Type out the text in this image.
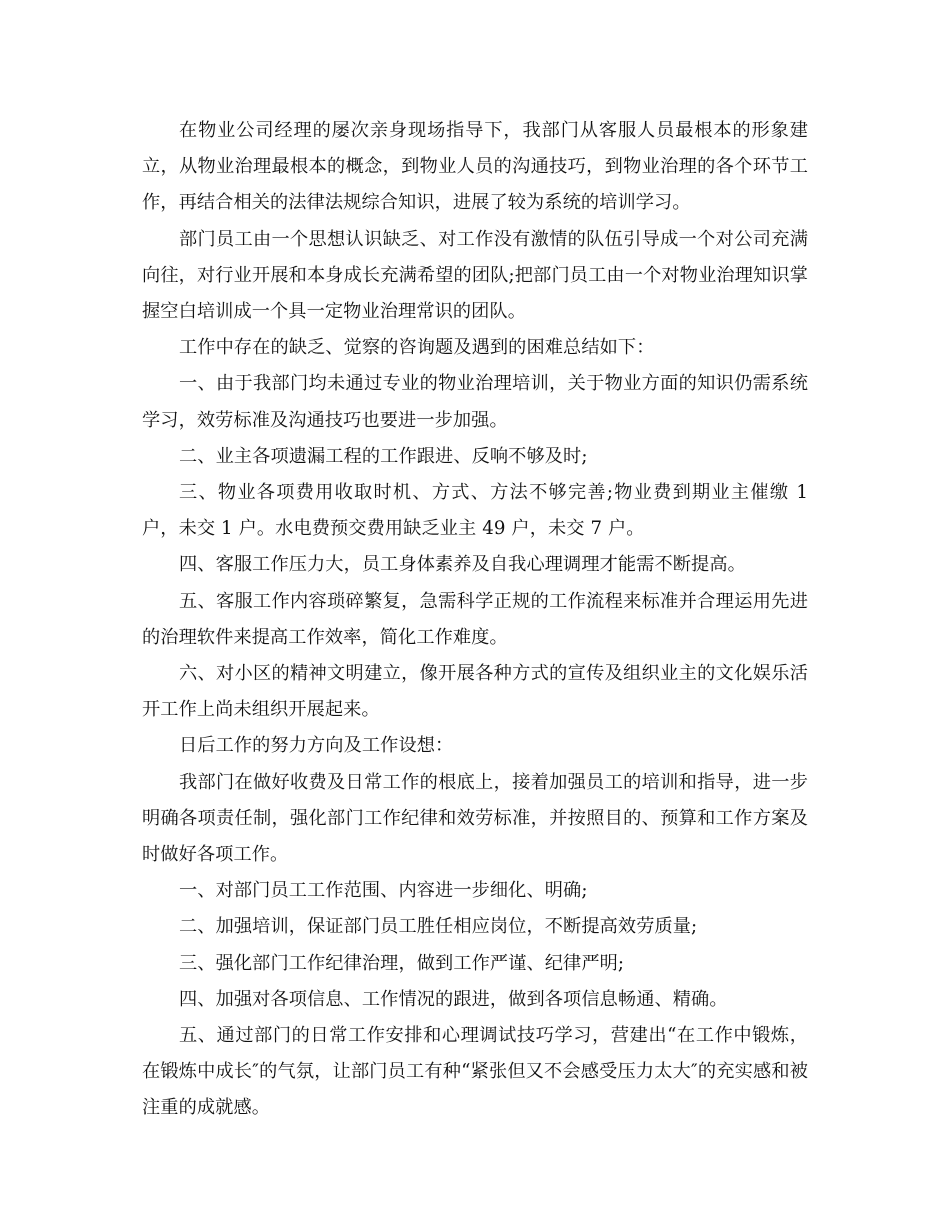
在物业公司经理的屡次亲身现场指导下，我部门从客服人员最根本的形象建立，从物业治理最根本的概念，到物业人员的沟通技巧，到物业治理的各个环节工作，再结合相关的法律法规综合知识，进展了较为系统的培训学习。

部门员工由一个思想认识缺乏、对工作没有激情的队伍引导成一个对公司充满向往，对行业开展和本身成长充满希望的团队;把部门员工由一个对物业治理知识掌握空白培训成一个具一定物业治理常识的团队。

工作中存在的缺乏、觉察的咨询题及遇到的困难总结如下：

一、由于我部门均未通过专业的物业治理培训，关于物业方面的知识仍需系统学习，效劳标准及沟通技巧也要进一步加强。

二、业主各项遗漏工程的工作跟进、反响不够及时;

三、物业各项费用收取时机、方式、方法不够完善;物业费到期业主催缴 1 户，未交 1 户。水电费预交费用缺乏业主 49 户，未交 7 户。

四、客服工作压力大，员工身体素养及自我心理调理才能需不断提高。

五、客服工作内容琐碎繁复，急需科学正规的工作流程来标准并合理运用先进的治理软件来提高工作效率，简化工作难度。

六、对小区的精神文明建立，像开展各种方式的宣传及组织业主的文化娱乐活开工作上尚未组织开展起来。

日后工作的努力方向及工作设想：

我部门在做好收费及日常工作的根底上，接着加强员工的培训和指导，进一步明确各项责任制，强化部门工作纪律和效劳标准，并按照目的、预算和工作方案及时做好各项工作。

一、对部门员工工作范围、内容进一步细化、明确;

二、加强培训，保证部门员工胜任相应岗位，不断提高效劳质量;

三、强化部门工作纪律治理，做到工作严谨、纪律严明;

四、加强对各项信息、工作情况的跟进，做到各项信息畅通、精确。

五、通过部门的日常工作安排和心理调试技巧学习，营建出“在工作中锻炼，在锻炼中成长″的气氛，让部门员工有种“紧张但又不会感受压力太大″的充实感和被注重的成就感。
